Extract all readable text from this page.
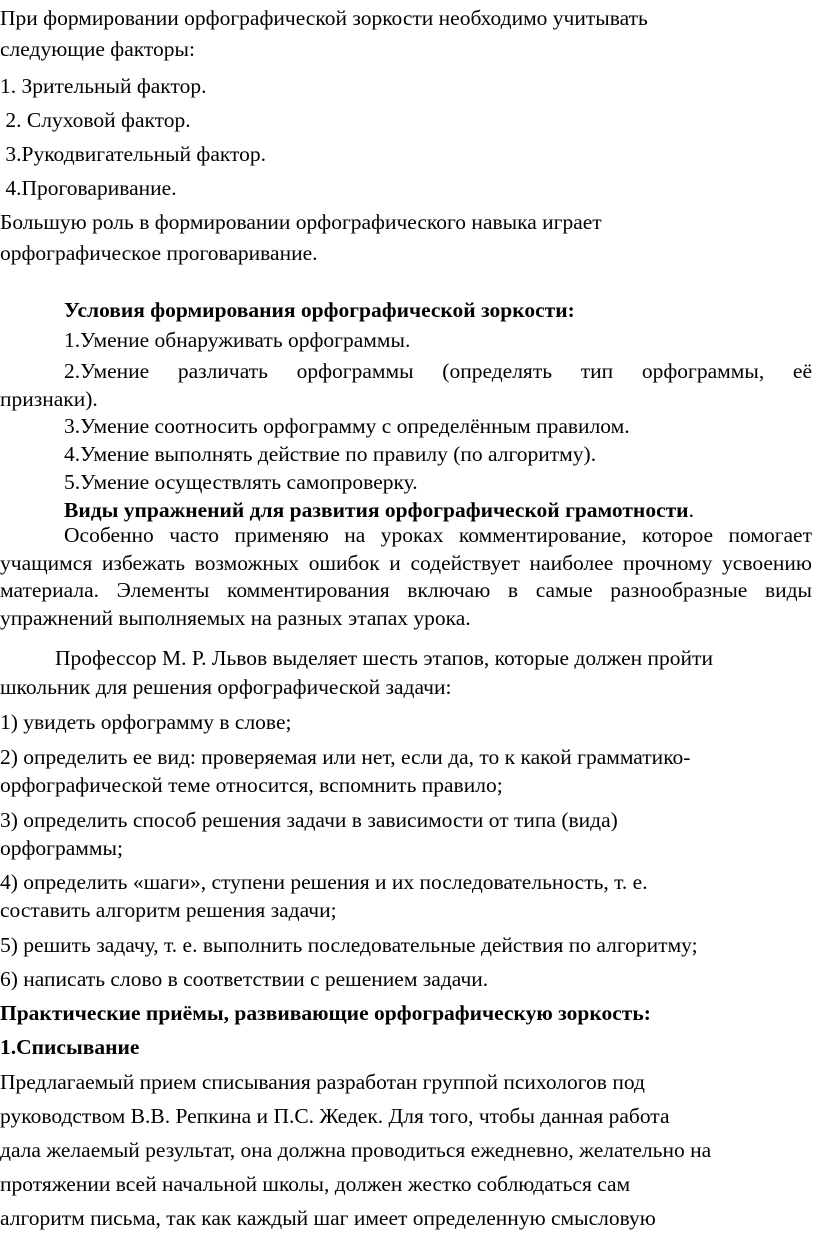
При формировании орфографической зоркости необходимо учитывать
следующие факторы:
1. Зрительный фактор.
2. Слуховой фактор.
3.Рукодвигательный фактор.
4.Проговаривание.
Большую роль в формировании орфографического навыка играет
орфографическое проговаривание.
Условия формирования орфографической зоркости:
1.Умение обнаруживать орфограммы.
2.Умение различать орфограммы (определять тип орфограммы, её
признаки).
3.Умение соотносить орфограмму с определённым правилом.
4.Умение выполнять действие по правилу (по алгоритму).
5.Умение осуществлять самопроверку.
Виды упражнений для развития орфографической грамотности.
Особенно часто применяю на уроках комментирование, которое помогает учащимся избежать возможных ошибок и содействует наиболее прочному усвоению материала. Элементы комментирования включаю в самые разнообразные виды упражнений выполняемых на разных этапах урока.
Профессор М. Р. Львов выделяет шесть этапов, которые должен пройти
школьник для решения орфографической задачи:
1) увидеть орфограмму в слове;
2) определить ее вид: проверяемая или нет, если да, то к какой грамматико-
орфографической теме относится, вспомнить правило;
3) определить способ решения задачи в зависимости от типа (вида)
орфограммы;
4) определить «шаги», ступени решения и их последовательность, т. е.
составить алгоритм решения задачи;
5) решить задачу, т. е. выполнить последовательные действия по алгоритму;
6) написать слово в соответствии с решением задачи.
Практические приёмы, развивающие орфографическую зоркость:
1.Списывание
Предлагаемый прием списывания разработан группой психологов под
руководством В.В. Репкина и П.С. Жедек. Для того, чтобы данная работа
дала желаемый результат, она должна проводиться ежедневно, желательно на
протяжении всей начальной школы, должен жестко соблюдаться сам
алгоритм письма, так как каждый шаг имеет определенную смысловую
